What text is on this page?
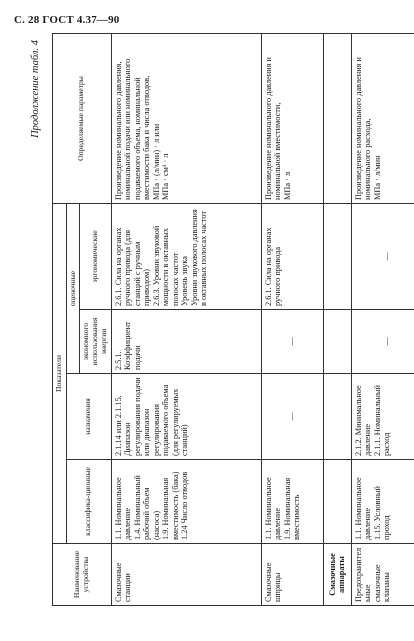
С. 28 ГОСТ 4.37—90
Продолжение табл. 4
Наименование устройства	Показатели				Определяемые параметры
	классифика-ционные	назначения	оценочные		
			экономного использования энергии	эргономические	
Смазочные станции	1.1. Номинальное давление
1.4. Номинальный рабочий объем (насоса)
1.9. Номинальная вместимость (бака)
1.24 Число отводов	2.1.14 или 2.1.15. Диапазон регулирования подачи или диапазон регулирования подаваемого объема (для регулируемых станций)	2.5.1. Коэффициент подачи	2.6.1. Сила на органах ручного привода (для станций с ручным приводом)
2.6.3. Уровни звуковой мощности в октавных полосах частот
Уровень звука
Уровни звукового давления в октавных полосах частот	Произведение номинального давления, номинальной подачи или номинального подаваемого объема, номинальной вместимости бака и числа отводов,
МПа · (л/мин) · л или
МПа · см³ · л
Смазочные шприцы	1.1. Номинальное давление
1.9. Номинальная вместимость	—	—	2.6.1. Сила на органах ручного привода	Произведение номинального давления и номинальной вместимости,
МПа · л
Смазочные аппараты					
Предохранительные смазочные клапаны	1.1. Номинальное давление
1.15. Условный проход	2.1.2. Минимальное давление
2.1.1. Номинальный расход	—	—	Произведение номинального давления и номинального расхода,
МПа · л/мин
